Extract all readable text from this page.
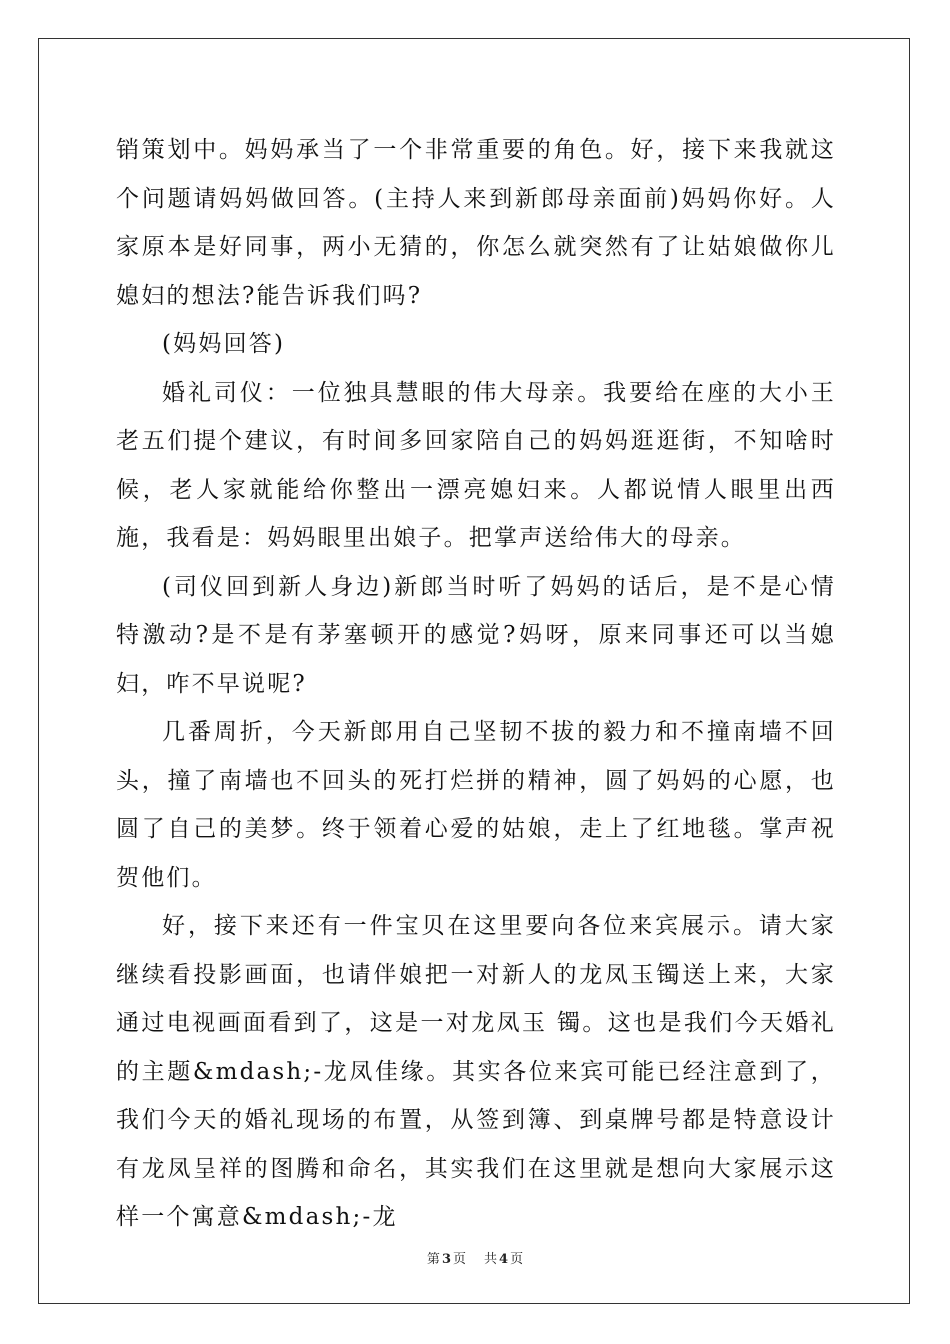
销策划中。妈妈承当了一个非常重要的角色。好，接下来我就这个问题请妈妈做回答。(主持人来到新郎母亲面前)妈妈你好。人家原本是好同事，两小无猜的，你怎么就突然有了让姑娘做你儿媳妇的想法?能告诉我们吗?

(妈妈回答)

婚礼司仪：一位独具慧眼的伟大母亲。我要给在座的大小王老五们提个建议，有时间多回家陪自己的妈妈逛逛街，不知啥时候，老人家就能给你整出一漂亮媳妇来。人都说情人眼里出西施，我看是：妈妈眼里出娘子。把掌声送给伟大的母亲。

(司仪回到新人身边)新郎当时听了妈妈的话后，是不是心情特激动?是不是有茅塞顿开的感觉?妈呀，原来同事还可以当媳妇，咋不早说呢?

几番周折，今天新郎用自己坚韧不拔的毅力和不撞南墙不回头，撞了南墙也不回头的死打烂拼的精神，圆了妈妈的心愿，也圆了自己的美梦。终于领着心爱的姑娘，走上了红地毯。掌声祝贺他们。

好，接下来还有一件宝贝在这里要向各位来宾展示。请大家继续看投影画面，也请伴娘把一对新人的龙凤玉镯送上来，大家通过电视画面看到了，这是一对龙凤玉 镯。这也是我们今天婚礼的主题&mdash;-龙凤佳缘。其实各位来宾可能已经注意到了，我们今天的婚礼现场的布置，从签到簿、到桌牌号都是特意设计有龙凤呈祥的图腾和命名，其实我们在这里就是想向大家展示这样一个寓意&mdash;-龙

第 3 页 共 4 页
